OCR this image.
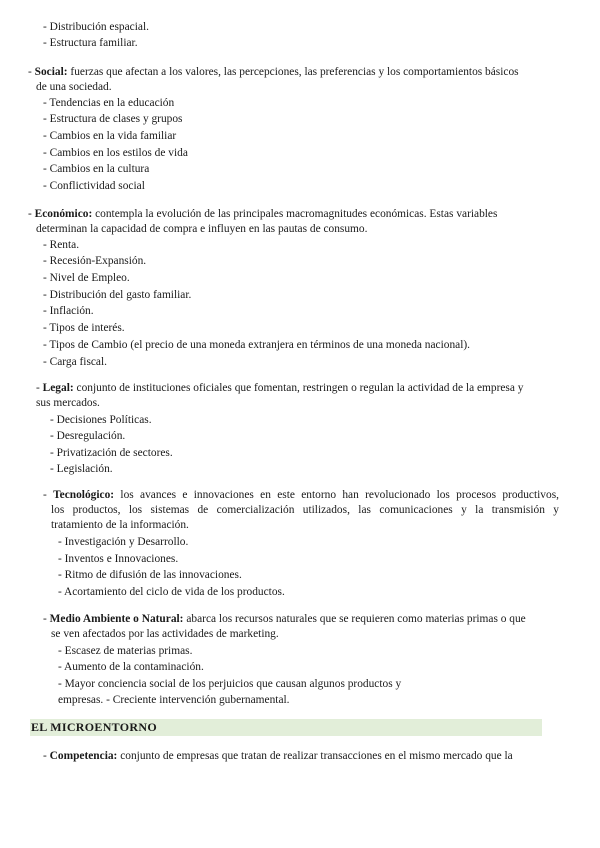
- Distribución espacial.
- Estructura familiar.
- Social: fuerzas que afectan a los valores, las percepciones, las preferencias y los comportamientos básicos
de una sociedad.
- Tendencias en la educación
- Estructura de clases y grupos
- Cambios en la vida familiar
- Cambios en los estilos de vida
- Cambios en la cultura
- Conflictividad social
- Económico: contempla la evolución de las principales macromagnitudes económicas. Estas variables
determinan la capacidad de compra e influyen en las pautas de consumo.
- Renta.
- Recesión-Expansión.
- Nivel de Empleo.
- Distribución del gasto familiar.
- Inflación.
- Tipos de interés.
- Tipos de Cambio (el precio de una moneda extranjera en términos de una moneda nacional).
- Carga fiscal.
- Legal: conjunto de instituciones oficiales que fomentan, restringen o regulan la actividad de la empresa y
sus mercados.
- Decisiones Políticas.
- Desregulación.
- Privatización de sectores.
- Legislación.
- Tecnológico: los avances e innovaciones en este entorno han revolucionado los procesos productivos,
los productos, los sistemas de comercialización utilizados, las comunicaciones y la transmisión y
tratamiento de la información.
- Investigación y Desarrollo.
- Inventos e Innovaciones.
- Ritmo de difusión de las innovaciones.
- Acortamiento del ciclo de vida de los productos.
- Medio Ambiente o Natural: abarca los recursos naturales que se requieren como materias primas o que
se ven afectados por las actividades de marketing.
- Escasez de materias primas.
- Aumento de la contaminación.
- Mayor conciencia social de los perjuicios que causan algunos productos y
empresas. - Creciente intervención gubernamental.
EL MICROENTORNO
- Competencia: conjunto de empresas que tratan de realizar transacciones en el mismo mercado que la
